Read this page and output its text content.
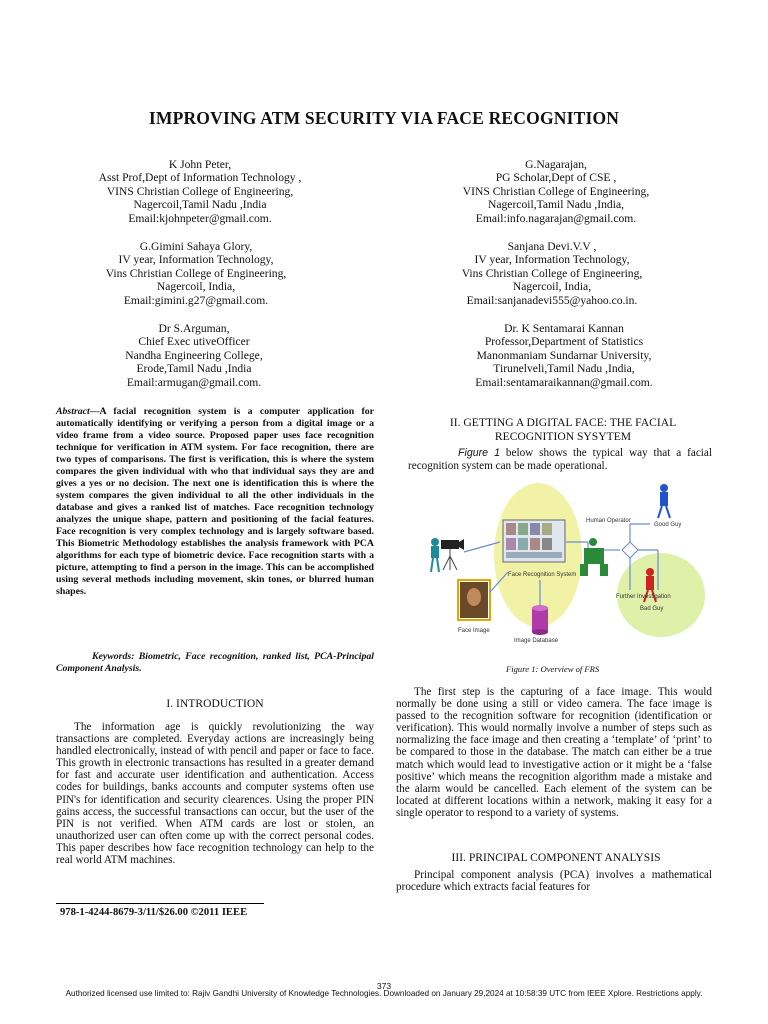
IMPROVING ATM SECURITY VIA FACE RECOGNITION
K John Peter,
Asst Prof,Dept of Information Technology ,
VINS Christian College of Engineering,
Nagercoil,Tamil Nadu ,India
Email:kjohnpeter@gmail.com.
G.Nagarajan,
PG Scholar,Dept of CSE ,
VINS Christian College of Engineering,
Nagercoil,Tamil Nadu ,India,
Email:info.nagarajan@gmail.com.
G.Gimini Sahaya Glory,
IV year, Information Technology,
Vins Christian College of Engineering,
Nagercoil, India,
Email:gimini.g27@gmail.com.
Sanjana Devi.V.V ,
IV year, Information Technology,
Vins Christian College of Engineering,
Nagercoil, India,
Email:sanjanadevi555@yahoo.co.in.
Dr S.Arguman,
Chief Exec utiveOfficer
Nandha Engineering College,
Erode,Tamil Nadu ,India
Email:armugan@gmail.com.
Dr. K Sentamarai Kannan
Professor,Department of Statistics
Manonmaniam Sundarnar University,
Tirunelveli,Tamil Nadu ,India,
Email:sentamaraikannan@gmail.com.
Abstract—A facial recognition system is a computer application for automatically identifying or verifying a person from a digital image or a video frame from a video source. Proposed paper uses face recognition technique for verification in ATM system. For face recognition, there are two types of comparisons. The first is verification, this is where the system compares the given individual with who that individual says they are and gives a yes or no decision. The next one is identification this is where the system compares the given individual to all the other individuals in the database and gives a ranked list of matches. Face recognition technology analyzes the unique shape, pattern and positioning of the facial features. Face recognition is very complex technology and is largely software based. This Biometric Methodology establishes the analysis framework with PCA algorithms for each type of biometric device. Face recognition starts with a picture, attempting to find a person in the image. This can be accomplished using several methods including movement, skin tones, or blurred human shapes.
Keywords: Biometric, Face recognition, ranked list, PCA-Principal Component Analysis.
I. INTRODUCTION
The information age is quickly revolutionizing the way transactions are completed. Everyday actions are increasingly being handled electronically, instead of with pencil and paper or face to face. This growth in electronic transactions has resulted in a greater demand for fast and accurate user identification and authentication. Access codes for buildings, banks accounts and computer systems often use PIN's for identification and security clearences. Using the proper PIN gains access, the successful transactions can occur, but the user of the PIN is not verified. When ATM cards are lost or stolen, an unauthorized user can often come up with the correct personal codes. This paper describes how face recognition technology can help to the real world ATM machines.
978-1-4244-8679-3/11/$26.00 ©2011 IEEE
II. GETTING A DIGITAL FACE: THE FACIAL
RECOGNITION SYSYTEM
Figure 1 below shows the typical way that a facial recognition system can be made operational.
Face Image
Face Recognition System
Image Database
Human Operator
Good Guy
Bad Guy
Further Investigation
Figure 1: Overview of FRS
The first step is the capturing of a face image. This would normally be done using a still or video camera. The face image is passed to the recognition software for recognition (identification or verification). This would normally involve a number of steps such as normalizing the face image and then creating a ‘template’ of ‘print’ to be compared to those in the database. The match can either be a true match which would lead to investigative action or it might be a ‘false positive’ which means the recognition algorithm made a mistake and the alarm would be cancelled. Each element of the system can be located at different locations within a network, making it easy for a single operator to respond to a variety of systems.
III. PRINCIPAL COMPONENT ANALYSIS
Principal component analysis (PCA) involves a mathematical procedure which extracts facial features for
373
Authorized licensed use limited to: Rajiv Gandhi University of Knowledge Technologies. Downloaded on January 29,2024 at 10:58:39 UTC from IEEE Xplore. Restrictions apply.
